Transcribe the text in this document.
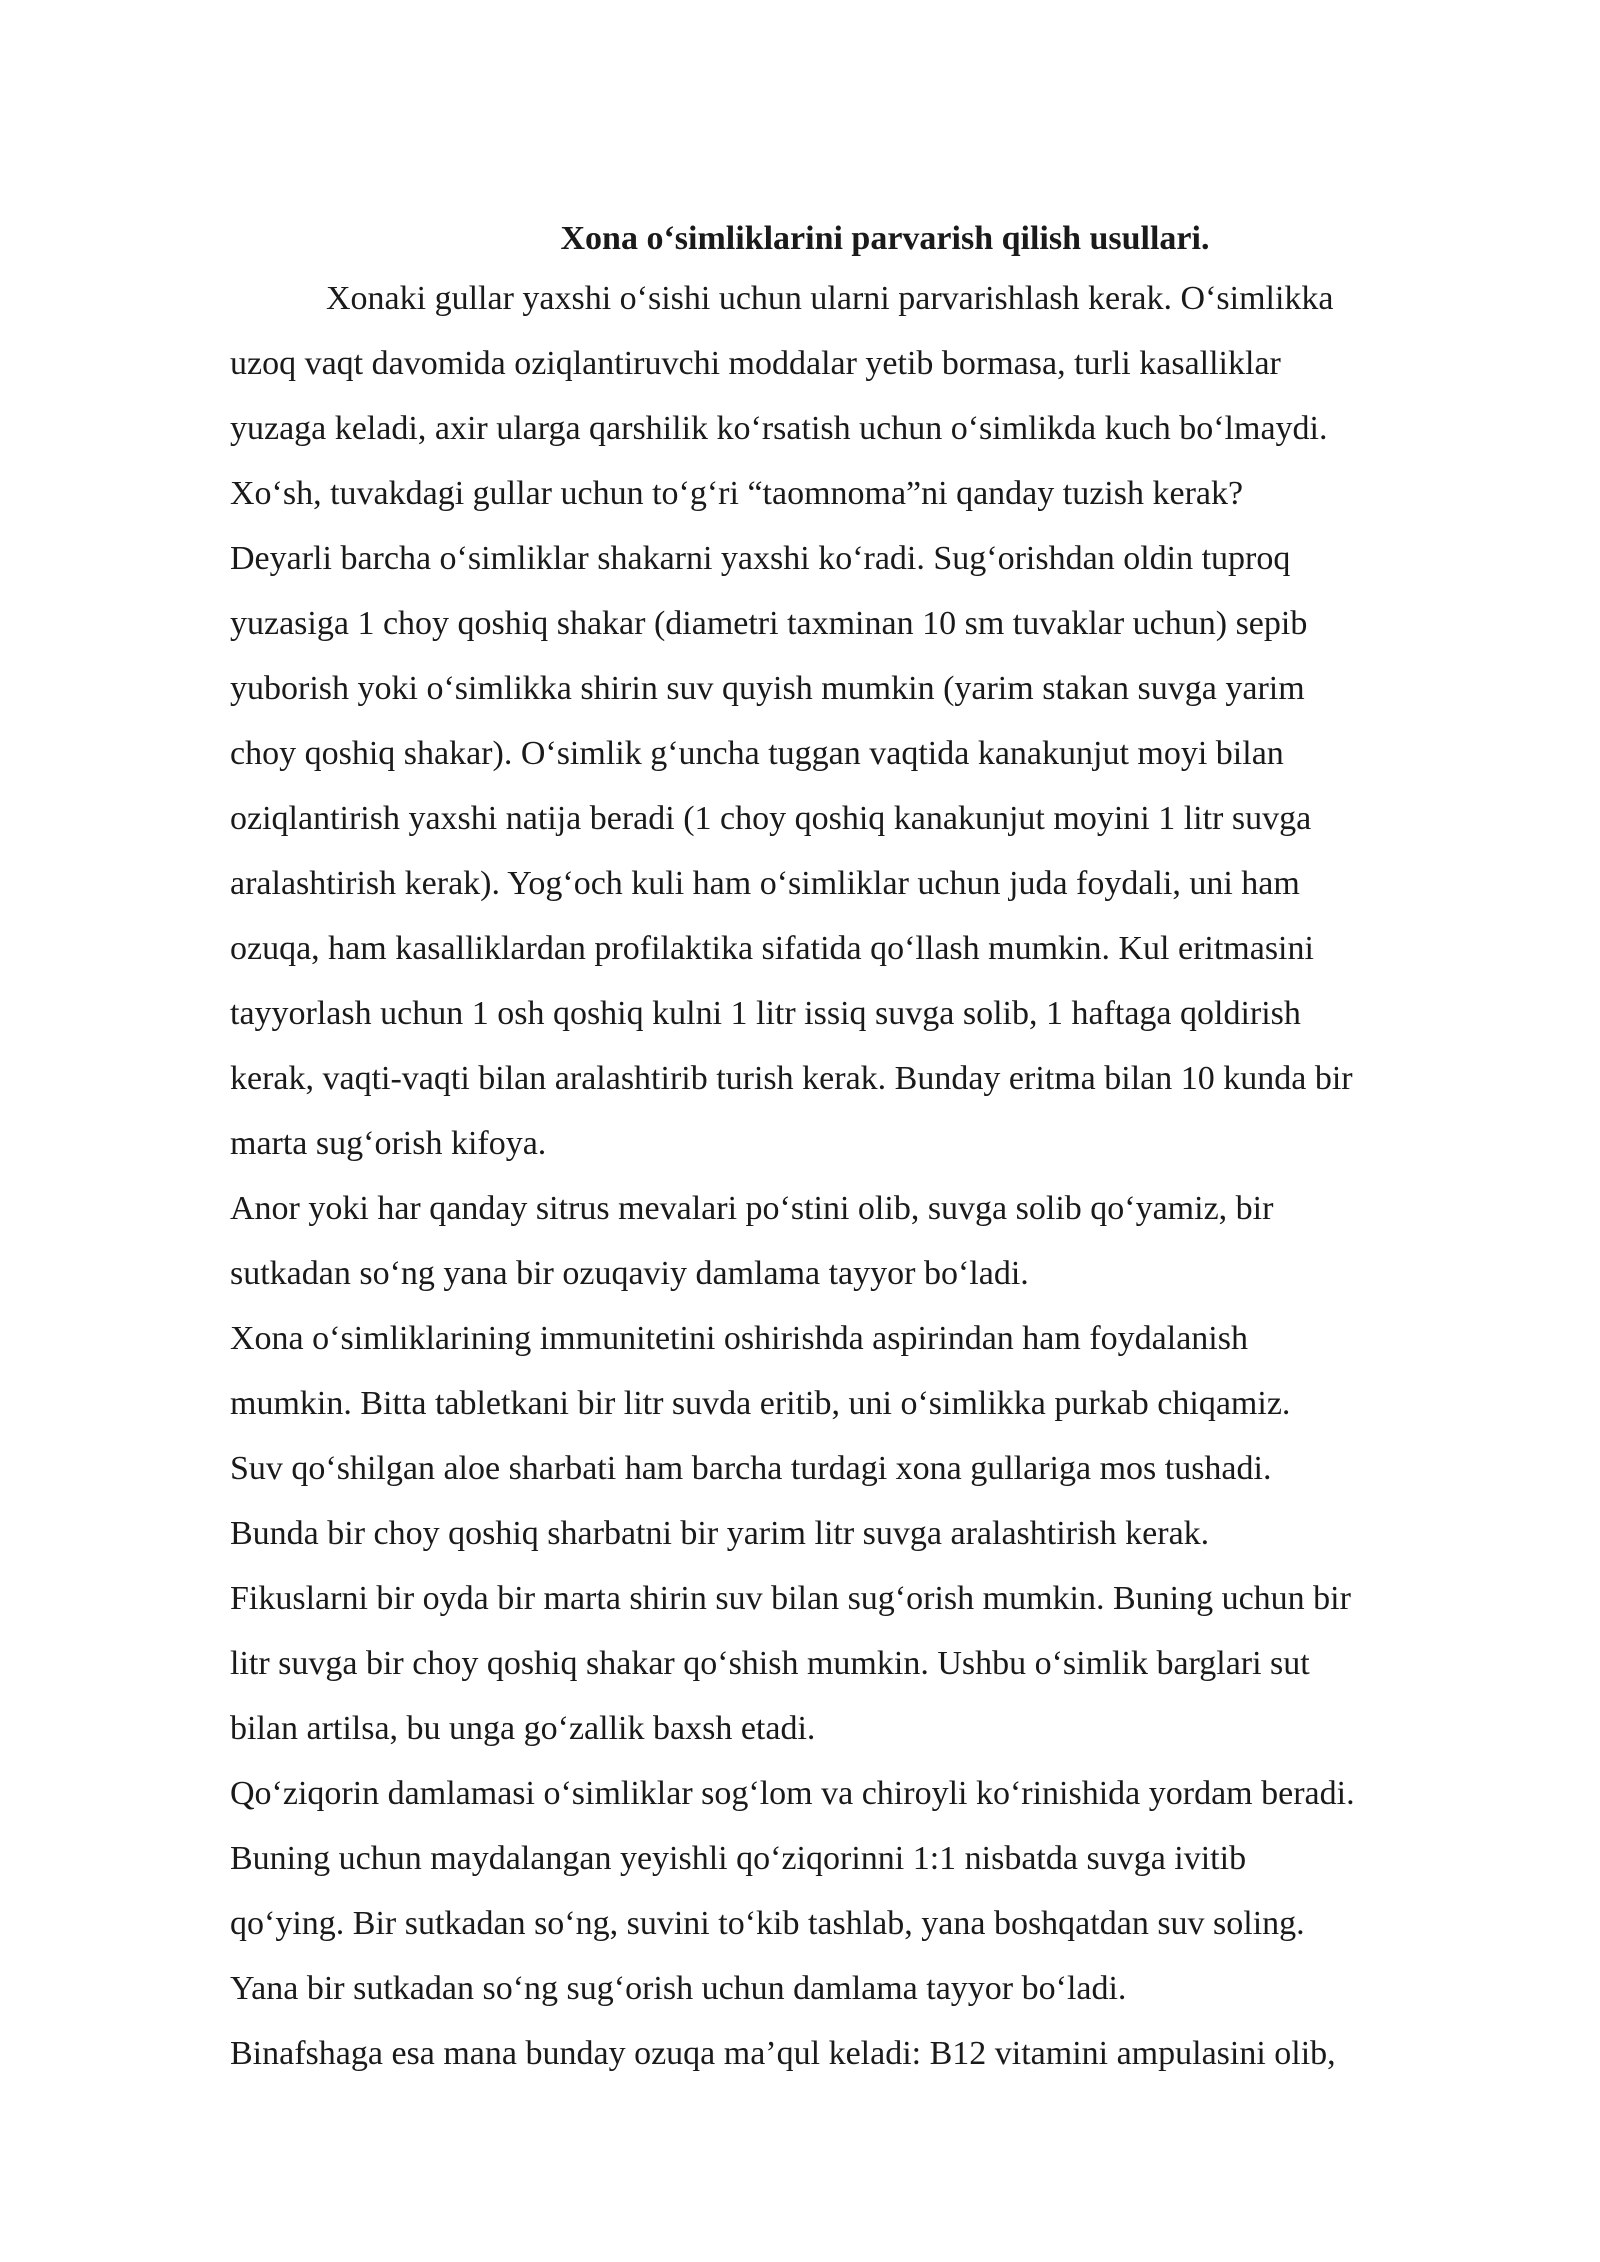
Xona o‘simliklarini parvarish qilish usullari.
Xonaki gullar yaxshi o‘sishi uchun ularni parvarishlash kerak. O‘simlikka
uzoq vaqt davomida oziqlantiruvchi moddalar yetib bormasa, turli kasalliklar
yuzaga keladi, axir ularga qarshilik ko‘rsatish uchun o‘simlikda kuch bo‘lmaydi.
Xo‘sh, tuvakdagi gullar uchun to‘g‘ri “taomnoma”ni qanday tuzish kerak?
Deyarli barcha o‘simliklar shakarni yaxshi ko‘radi. Sug‘orishdan oldin tuproq
yuzasiga 1 choy qoshiq shakar (diametri taxminan 10 sm tuvaklar uchun) sepib
yuborish yoki o‘simlikka shirin suv quyish mumkin (yarim stakan suvga yarim
choy qoshiq shakar). O‘simlik g‘uncha tuggan vaqtida kanakunjut moyi bilan
oziqlantirish yaxshi natija beradi (1 choy qoshiq kanakunjut moyini 1 litr suvga
aralashtirish kerak). Yog‘och kuli ham o‘simliklar uchun juda foydali, uni ham
ozuqa, ham kasalliklardan profilaktika sifatida qo‘llash mumkin. Kul eritmasini
tayyorlash uchun 1 osh qoshiq kulni 1 litr issiq suvga solib, 1 haftaga qoldirish
kerak, vaqti-vaqti bilan aralashtirib turish kerak. Bunday eritma bilan 10 kunda bir
marta sug‘orish kifoya.
Anor yoki har qanday sitrus mevalari po‘stini olib, suvga solib qo‘yamiz, bir
sutkadan so‘ng yana bir ozuqaviy damlama tayyor bo‘ladi.
Xona o‘simliklarining immunitetini oshirishda aspirindan ham foydalanish
mumkin. Bitta tabletkani bir litr suvda eritib, uni o‘simlikka purkab chiqamiz.
Suv qo‘shilgan aloe sharbati ham barcha turdagi xona gullariga mos tushadi.
Bunda bir choy qoshiq sharbatni bir yarim litr suvga aralashtirish kerak.
Fikuslarni bir oyda bir marta shirin suv bilan sug‘orish mumkin. Buning uchun bir
litr suvga bir choy qoshiq shakar qo‘shish mumkin. Ushbu o‘simlik barglari sut
bilan artilsa, bu unga go‘zallik baxsh etadi.
Qo‘ziqorin damlamasi o‘simliklar sog‘lom va chiroyli ko‘rinishida yordam beradi.
Buning uchun maydalangan yeyishli qo‘ziqorinni 1:1 nisbatda suvga ivitib
qo‘ying. Bir sutkadan so‘ng, suvini to‘kib tashlab, yana boshqatdan suv soling.
Yana bir sutkadan so‘ng sug‘orish uchun damlama tayyor bo‘ladi.
Binafshaga esa mana bunday ozuqa ma’qul keladi: B12 vitamini ampulasini olib,
